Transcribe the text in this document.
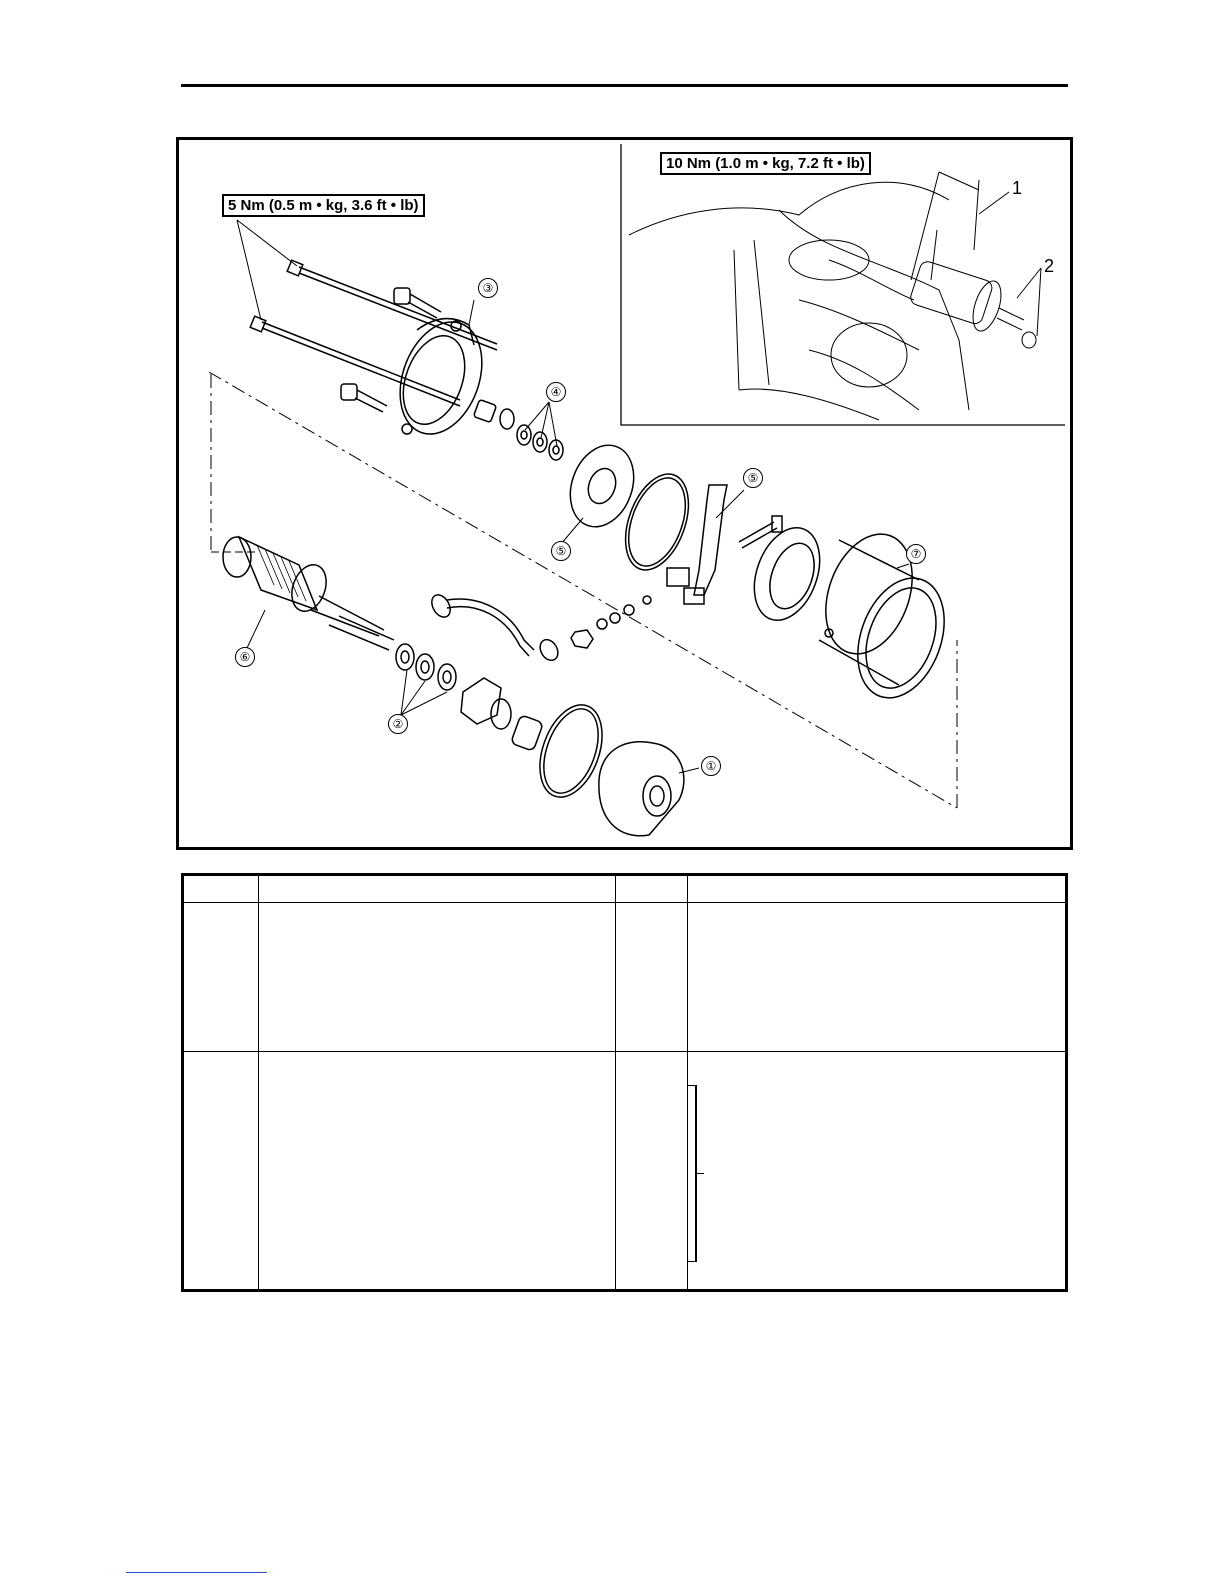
5 Nm (0.5 m • kg, 3.6 ft • lb)
10 Nm (1.0 m • kg, 7.2 ft • lb)
③
④
⑤
⑤
⑦
⑥
②
①
1
2
